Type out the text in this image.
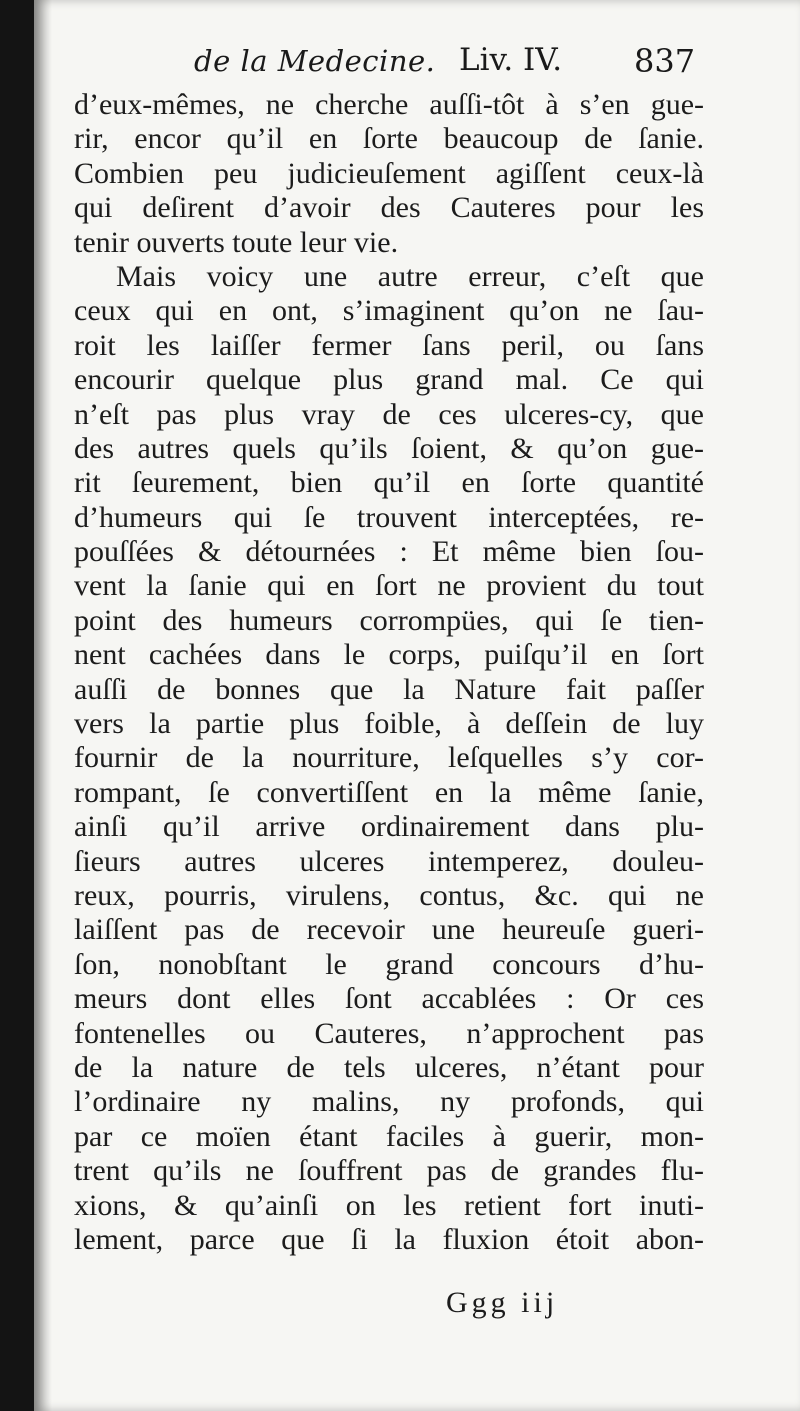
de la Medecine. Liv. IV. 837
d’eux-mêmes, ne cherche auſſi-tôt à s’en gue-
rir, encor qu’il en ſorte beaucoup de ſanie.
Combien peu judicieuſement agiſſent ceux-là
qui deſirent d’avoir des Cauteres pour les
tenir ouverts toute leur vie.
Mais voicy une autre erreur, c’eſt que
ceux qui en ont, s’imaginent qu’on ne ſau-
roit les laiſſer fermer ſans peril, ou ſans
encourir quelque plus grand mal. Ce qui
n’eſt pas plus vray de ces ulceres-cy, que
des autres quels qu’ils ſoient, & qu’on gue-
rit ſeurement, bien qu’il en ſorte quantité
d’humeurs qui ſe trouvent interceptées, re-
pouſſées & détournées : Et même bien ſou-
vent la ſanie qui en ſort ne provient du tout
point des humeurs corrompües, qui ſe tien-
nent cachées dans le corps, puiſqu’il en ſort
auſſi de bonnes que la Nature fait paſſer
vers la partie plus foible, à deſſein de luy
fournir de la nourriture, leſquelles s’y cor-
rompant, ſe convertiſſent en la même ſanie,
ainſi qu’il arrive ordinairement dans plu-
ſieurs autres ulceres intemperez, douleu-
reux, pourris, virulens, contus, &c. qui ne
laiſſent pas de recevoir une heureuſe gueri-
ſon, nonobſtant le grand concours d’hu-
meurs dont elles ſont accablées : Or ces
fontenelles ou Cauteres, n’approchent pas
de la nature de tels ulceres, n’étant pour
l’ordinaire ny malins, ny profonds, qui
par ce moïen étant faciles à guerir, mon-
trent qu’ils ne ſouffrent pas de grandes flu-
xions, & qu’ainſi on les retient fort inuti-
lement, parce que ſi la fluxion étoit abon-
Ggg iij
